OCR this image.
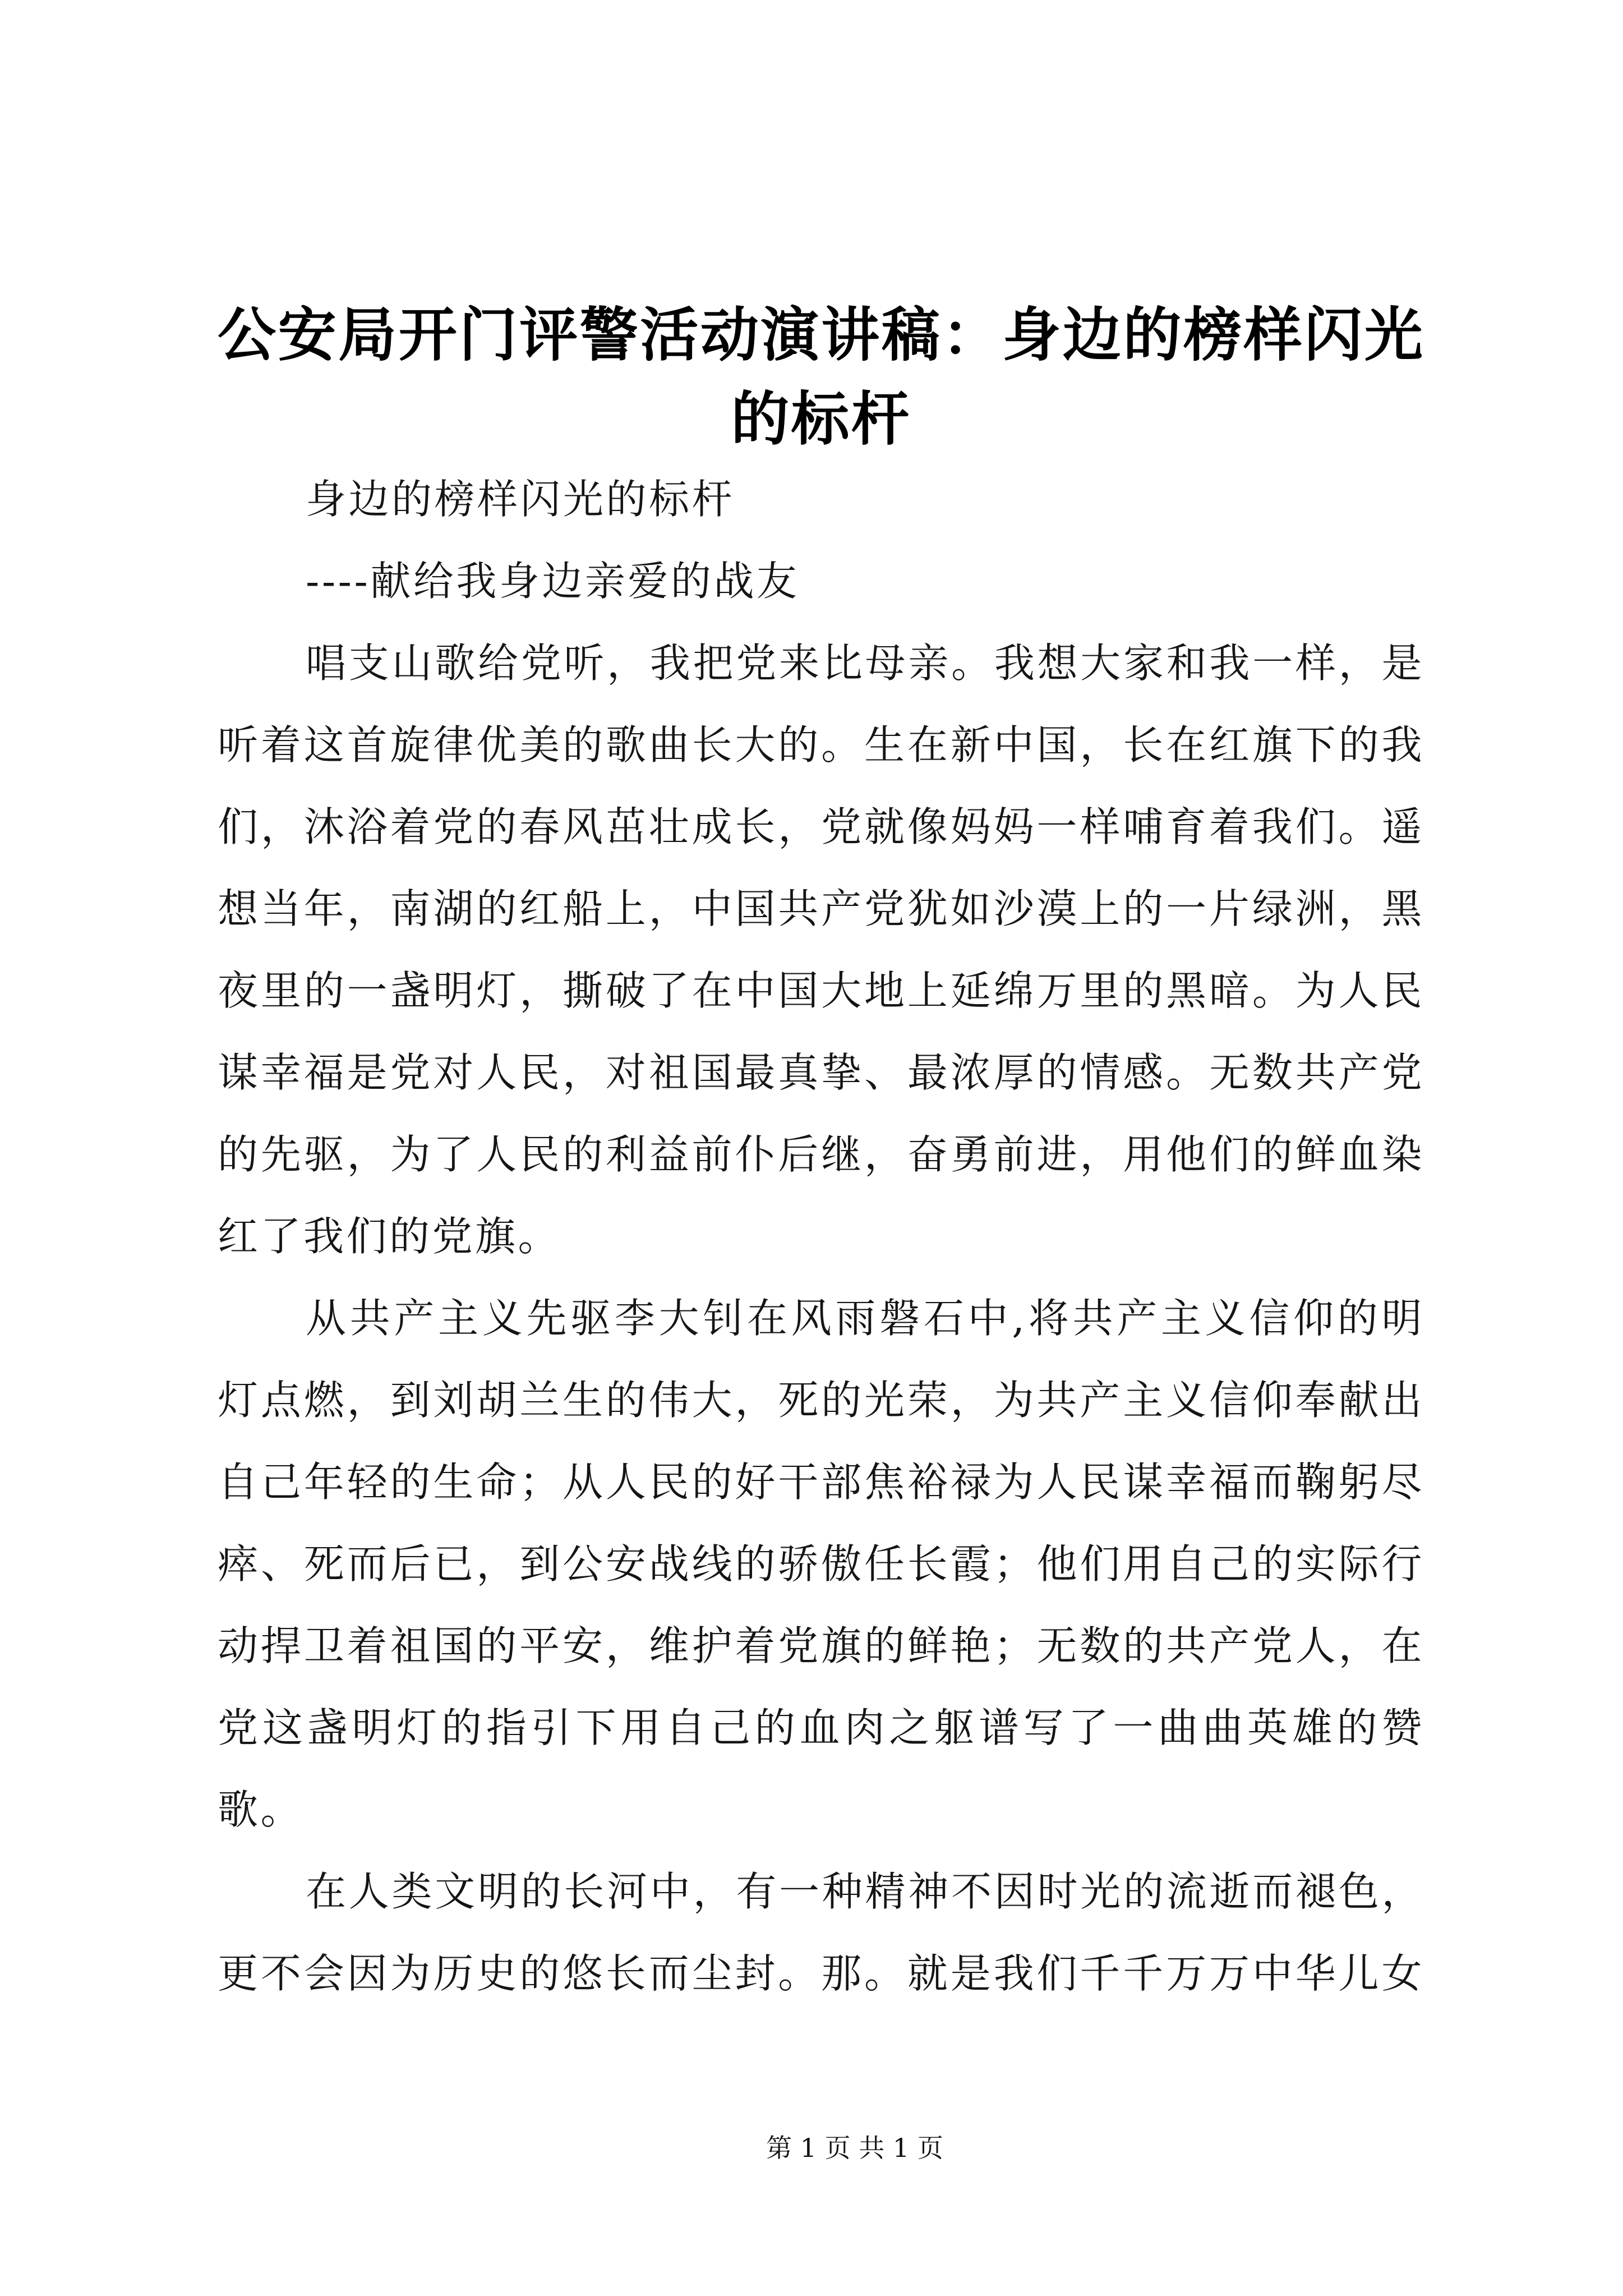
公安局开门评警活动演讲稿：身边的榜样闪光
的标杆
身边的榜样闪光的标杆
----献给我身边亲爱的战友
唱支山歌给党听，我把党来比母亲。我想大家和我一样，是
听着这首旋律优美的歌曲长大的。生在新中国，长在红旗下的我
们，沐浴着党的春风茁壮成长，党就像妈妈一样哺育着我们。遥
想当年，南湖的红船上，中国共产党犹如沙漠上的一片绿洲，黑
夜里的一盏明灯，撕破了在中国大地上延绵万里的黑暗。为人民
谋幸福是党对人民，对祖国最真挚、最浓厚的情感。无数共产党
的先驱，为了人民的利益前仆后继，奋勇前进，用他们的鲜血染
红了我们的党旗。
从共产主义先驱李大钊在风雨磐石中,将共产主义信仰的明
灯点燃，到刘胡兰生的伟大，死的光荣，为共产主义信仰奉献出
自己年轻的生命；从人民的好干部焦裕禄为人民谋幸福而鞠躬尽
瘁、死而后已，到公安战线的骄傲任长霞；他们用自己的实际行
动捍卫着祖国的平安，维护着党旗的鲜艳；无数的共产党人，在
党这盏明灯的指引下用自己的血肉之躯谱写了一曲曲英雄的赞
歌。
在人类文明的长河中，有一种精神不因时光的流逝而褪色，
更不会因为历史的悠长而尘封。那。就是我们千千万万中华儿女
第 1 页 共 1 页
